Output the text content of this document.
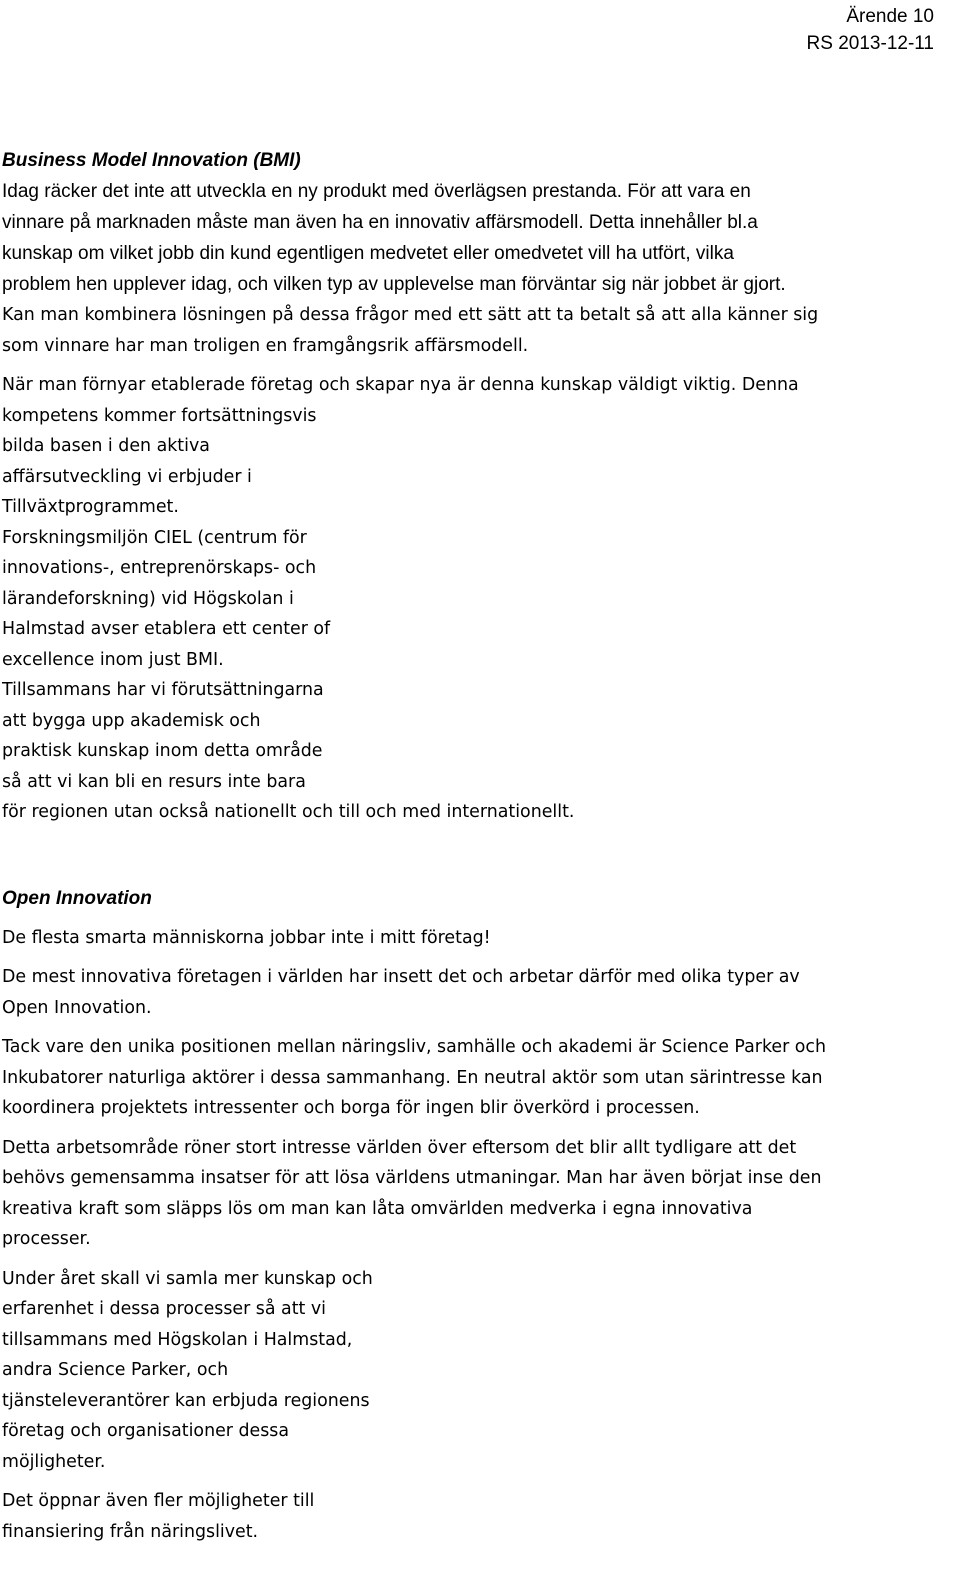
Ärende 10
RS 2013-12-11

Business Model Innovation (BMI)

Idag räcker det inte att utveckla en ny produkt med överlägsen prestanda. För att vara en
vinnare på marknaden måste man även ha en innovativ affärsmodell. Detta innehåller bl.a
kunskap om vilket jobb din kund egentligen medvetet eller omedvetet vill ha utfört, vilka
problem hen upplever idag, och vilken typ av upplevelse man förväntar sig när jobbet är gjort.

Kan man kombinera lösningen på dessa frågor med ett sätt att ta betalt så att alla känner sig
som vinnare har man troligen en framgångsrik affärsmodell.

När man förnyar etablerade företag och skapar nya är denna kunskap väldigt viktig. Denna
kompetens kommer fortsättningsvis
bilda basen i den aktiva
affärsutveckling vi erbjuder i
Tillväxtprogrammet.
Forskningsmiljön CIEL (centrum för
innovations-, entreprenörskaps- och
lärandeforskning) vid Högskolan i
Halmstad avser etablera ett center of
excellence inom just BMI.
Tillsammans har vi förutsättningarna
att bygga upp akademisk och
praktisk kunskap inom detta område
så att vi kan bli en resurs inte bara
för regionen utan också nationellt och till och med internationellt.

Open Innovation

De flesta smarta människorna jobbar inte i mitt företag!

De mest innovativa företagen i världen har insett det och arbetar därför med olika typer av
Open Innovation.

Tack vare den unika positionen mellan näringsliv, samhälle och akademi är Science Parker och
Inkubatorer naturliga aktörer i dessa sammanhang. En neutral aktör som utan särintresse kan
koordinera projektets intressenter och borga för ingen blir överkörd i processen.

Detta arbetsområde röner stort intresse världen över eftersom det blir allt tydligare att det
behövs gemensamma insatser för att lösa världens utmaningar. Man har även börjat inse den
kreativa kraft som släpps lös om man kan låta omvärlden medverka i egna innovativa
processer.

Under året skall vi samla mer kunskap och
erfarenhet i dessa processer så att vi
tillsammans med Högskolan i Halmstad,
andra Science Parker, och
tjänsteleverantörer kan erbjuda regionens
företag och organisationer dessa
möjligheter.

Det öppnar även fler möjligheter till
finansiering från näringslivet.
